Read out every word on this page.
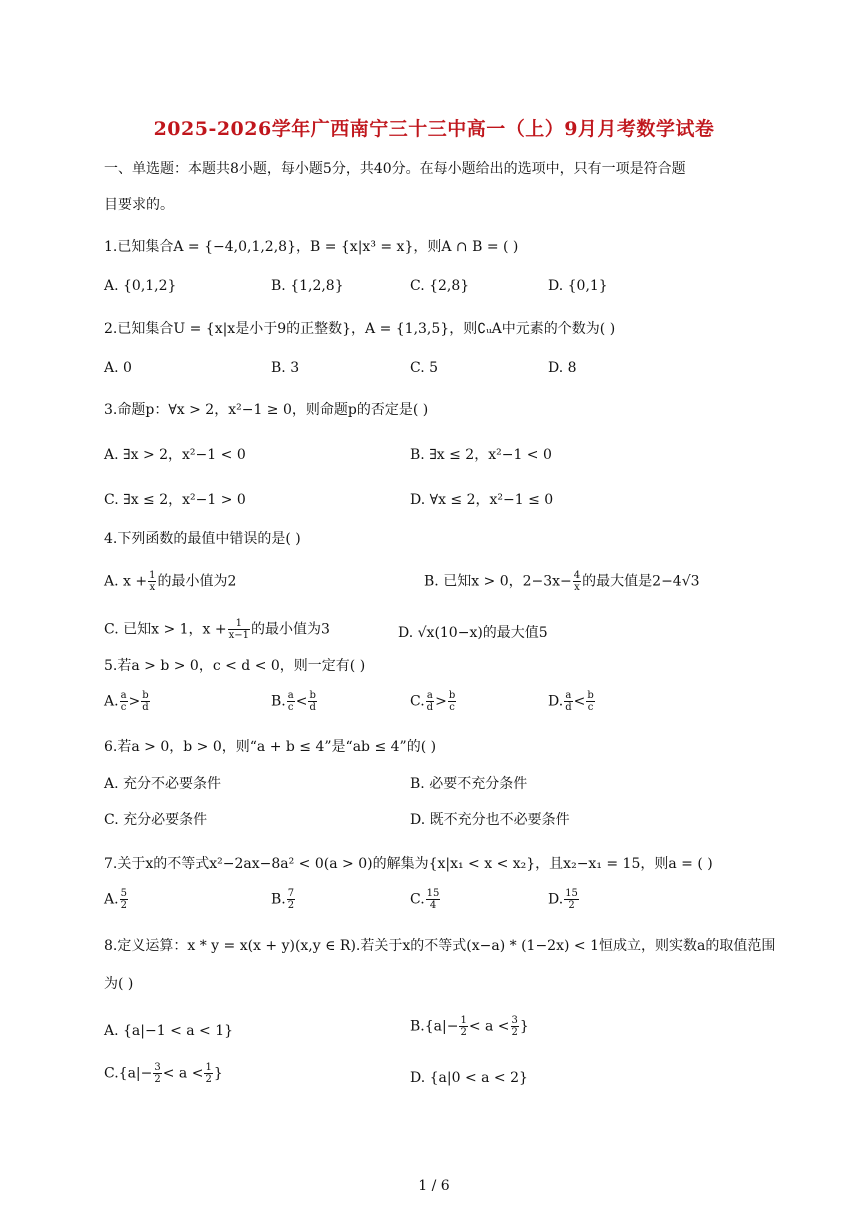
2025-2026学年广西南宁三十三中高一（上）9月月考数学试卷
一、单选题：本题共8小题，每小题5分，共40分。在每小题给出的选项中，只有一项是符合题
目要求的。
1.已知集合A = {−4,0,1,2,8}，B = {x|x³ = x}，则A ∩ B = ( )
A. {0,1,2}	B. {1,2,8}	C. {2,8}	D. {0,1}
2.已知集合U = {x|x是小于9的正整数}，A = {1,3,5}，则∁ᵤA中元素的个数为( )
A. 0	B. 3	C. 5	D. 8
3.命题p：∀x > 2，x²−1 ≥ 0，则命题p的否定是( )
A. ∃x > 2，x²−1 < 0	B. ∃x ≤ 2，x²−1 < 0
C. ∃x ≤ 2，x²−1 > 0	D. ∀x ≤ 2，x²−1 ≤ 0
4.下列函数的最值中错误的是( )
A. $x + \frac{1}{x}$ 的最小值为2	B. 已知x > 0，$2-3x- \frac{4}{x}$ 的最大值是2−4√3
C. 已知x > 1，$x + \frac{1}{x-1}$ 的最小值为3	D. √x(10−x)的最大值5
5.若a > b > 0，c < d < 0，则一定有( )
A. $\frac{a}{c} > \frac{b}{d}$	B. $\frac{a}{c} < \frac{b}{d}$	C. $\frac{a}{d} > \frac{b}{c}$	D. $\frac{a}{d} < \frac{b}{c}$
6.若a > 0，b > 0，则“a + b ≤ 4”是“ab ≤ 4”的( )
A. 充分不必要条件	B. 必要不充分条件
C. 充分必要条件	D. 既不充分也不必要条件
7.关于x的不等式x²−2ax−8a² < 0(a > 0)的解集为{x|x₁ < x < x₂}，且x₂−x₁ = 15，则a = ( )
A. $\frac{5}{2}$	B. $\frac{7}{2}$	C. $\frac{15}{4}$	D. $\frac{15}{2}$
8.定义运算：x * y = x(x + y)(x,y ∈ R).若关于x的不等式(x−a) * (1−2x) < 1恒成立，则实数a的取值范围
为( )
A. {a|−1 < a < 1}	$B.\{a|- \frac{1}{2} < a < \frac{3}{2}$ }
$C.\{a|- \frac{3}{2} < a < \frac{1}{2}$ }	D. {a|0 < a < 2}
1 / 6
